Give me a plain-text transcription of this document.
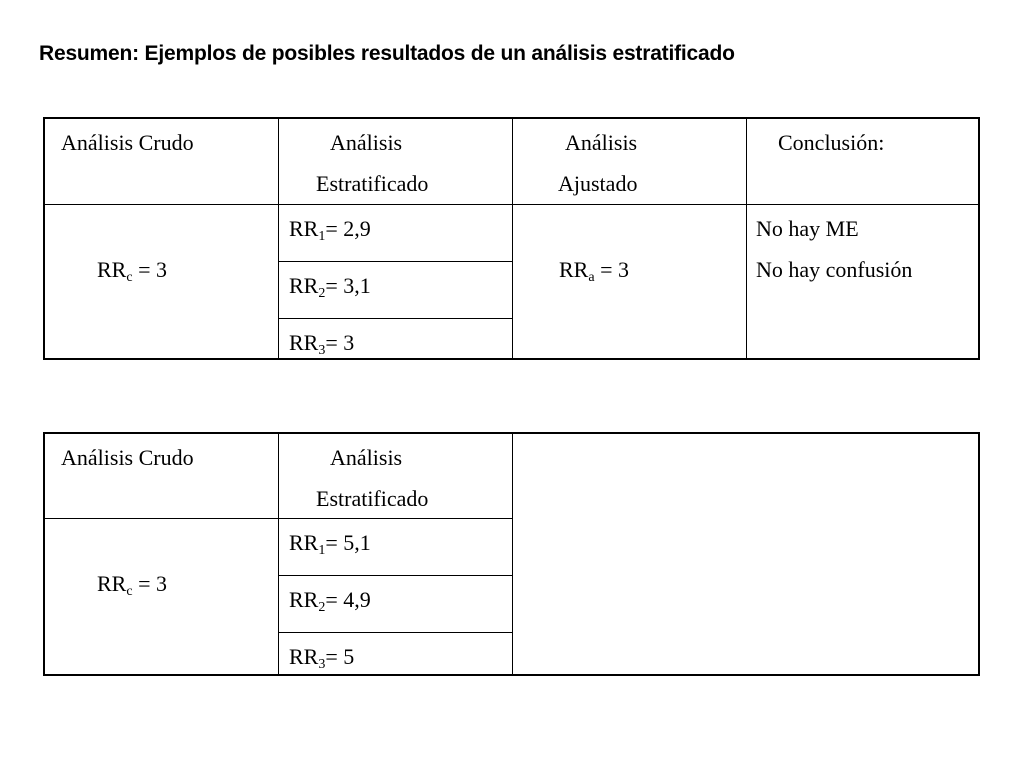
Resumen: Ejemplos de posibles resultados de un análisis estratificado
Análisis Crudo	Análisis
Estratificado
Análisis
Ajustado
Conclusión:
$RR_c = 3$
$RR_1= 2,9$
$RR_2= 3,1$
$RR_3= 3$
$RR_a = 3$
No hay ME
No hay confusión
Análisis Crudo	Análisis
Estratificado
$RR_c = 3$
$RR_1= 5,1$
$RR_2= 4,9$
$RR_3= 5$
